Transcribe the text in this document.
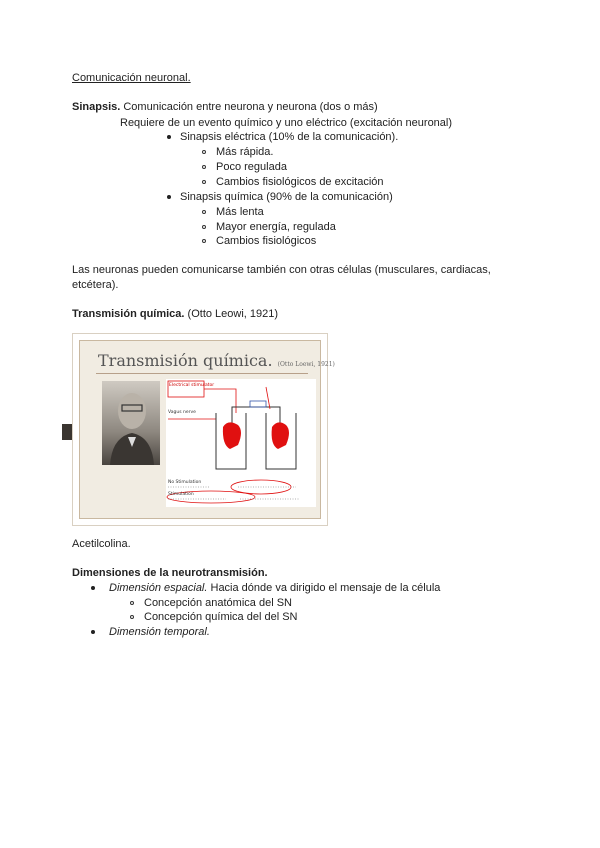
Comunicación neuronal.
Sinapsis. Comunicación entre neurona y neurona (dos o más)
Requiere de un evento químico y uno eléctrico (excitación neuronal)
Sinapsis eléctrica (10% de la comunicación).
Más rápida.
Poco regulada
Cambios fisiológicos de excitación
Sinapsis química (90% de la comunicación)
Más lenta
Mayor energía, regulada
Cambios fisiológicos
Las neuronas pueden comunicarse también con otras células (musculares, cardiacas,
etcétera).
Transmisión química. (Otto Leowi, 1921)
Transmisión química. (Otto Loewi, 1921)
Electrical stimulator
Vagus nerve
No Stimulation
Stimulation
Acetilcolina.
Dimensiones de la neurotransmisión.
Dimensión espacial. Hacia dónde va dirigido el mensaje de la célula
Concepción anatómica del SN
Concepción química del del SN
Dimensión temporal.
